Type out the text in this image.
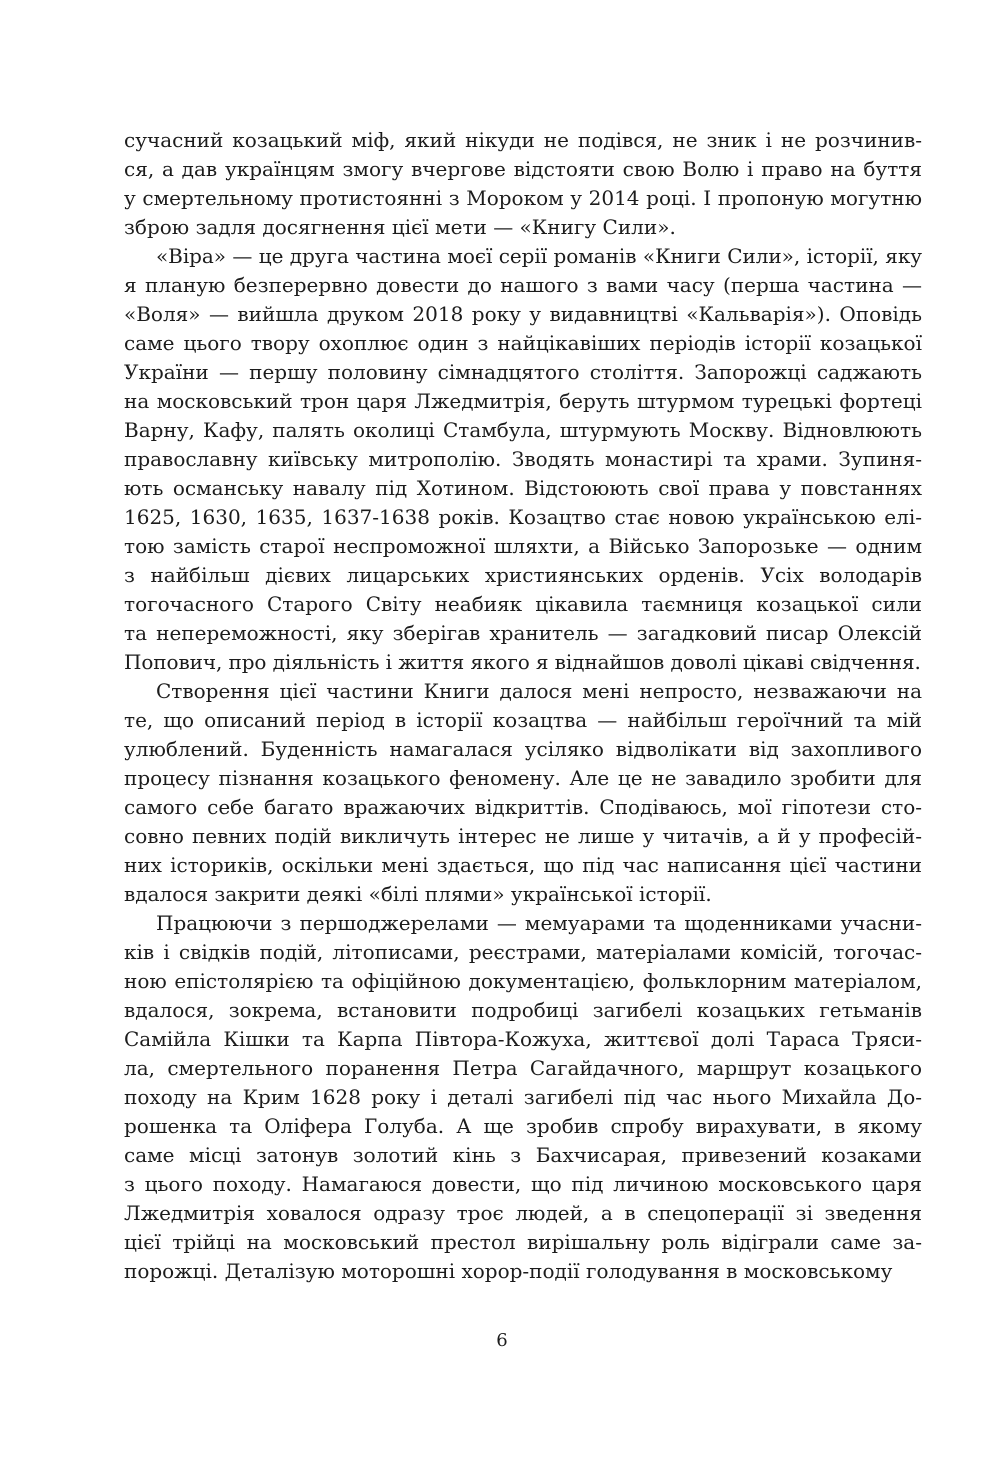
сучасний козацький міф, який нікуди не подівся, не зник і не розчинив-
ся, а дав українцям змогу вчергове відстояти свою Волю і право на буття
у смертельному протистоянні з Мороком у 2014 році. І пропоную могутню
зброю задля досягнення цієї мети — «Книгу Сили».
«Віра» — це друга частина моєї серії романів «Книги Сили», історії, яку
я планую безперервно довести до нашого з вами часу (перша частина —
«Воля» — вийшла друком 2018 року у видавництві «Кальварія»). Оповідь
саме цього твору охоплює один з найцікавіших періодів історії козацької
України — першу половину сімнадцятого століття. Запорожці саджають
на московський трон царя Лжедмитрія, беруть штурмом турецькі фортеці
Варну, Кафу, палять околиці Стамбула, штурмують Москву. Відновлюють
православну київську митрополію. Зводять монастирі та храми. Зупиня-
ють османську навалу під Хотином. Відстоюють свої права у повстаннях
1625, 1630, 1635, 1637-1638 років. Козацтво стає новою українською елі-
тою замість старої неспроможної шляхти, а Військо Запорозьке — одним
з найбільш дієвих лицарських християнських орденів. Усіх володарів
тогочасного Старого Світу неабияк цікавила таємниця козацької сили
та непереможності, яку зберігав хранитель — загадковий писар Олексій
Попович, про діяльність і життя якого я віднайшов доволі цікаві свідчення.
Створення цієї частини Книги далося мені непросто, незважаючи на
те, що описаний період в історії козацтва — найбільш героїчний та мій
улюблений. Буденність намагалася усіляко відволікати від захопливого
процесу пізнання козацького феномену. Але це не завадило зробити для
самого себе багато вражаючих відкриттів. Сподіваюсь, мої гіпотези сто-
совно певних подій викличуть інтерес не лише у читачів, а й у професій-
них істориків, оскільки мені здається, що під час написання цієї частини
вдалося закрити деякі «білі плями» української історії.
Працюючи з першоджерелами — мемуарами та щоденниками учасни-
ків і свідків подій, літописами, реєстрами, матеріалами комісій, тогочас-
ною епістолярією та офіційною документацією, фольклорним матеріалом,
вдалося, зокрема, встановити подробиці загибелі козацьких гетьманів
Самійла Кішки та Карпа Півтора-Кожуха, життєвої долі Тараса Тряси-
ла, смертельного поранення Петра Сагайдачного, маршрут козацького
походу на Крим 1628 року і деталі загибелі під час нього Михайла До-
рошенка та Оліфера Голуба. А ще зробив спробу вирахувати, в якому
саме місці затонув золотий кінь з Бахчисарая, привезений козаками
з цього походу. Намагаюся довести, що під личиною московського царя
Лжедмитрія ховалося одразу троє людей, а в спецоперації зі зведення
цієї трійці на московський престол вирішальну роль відіграли саме за-
порожці. Деталізую моторошні хорор-події голодування в московському
6
